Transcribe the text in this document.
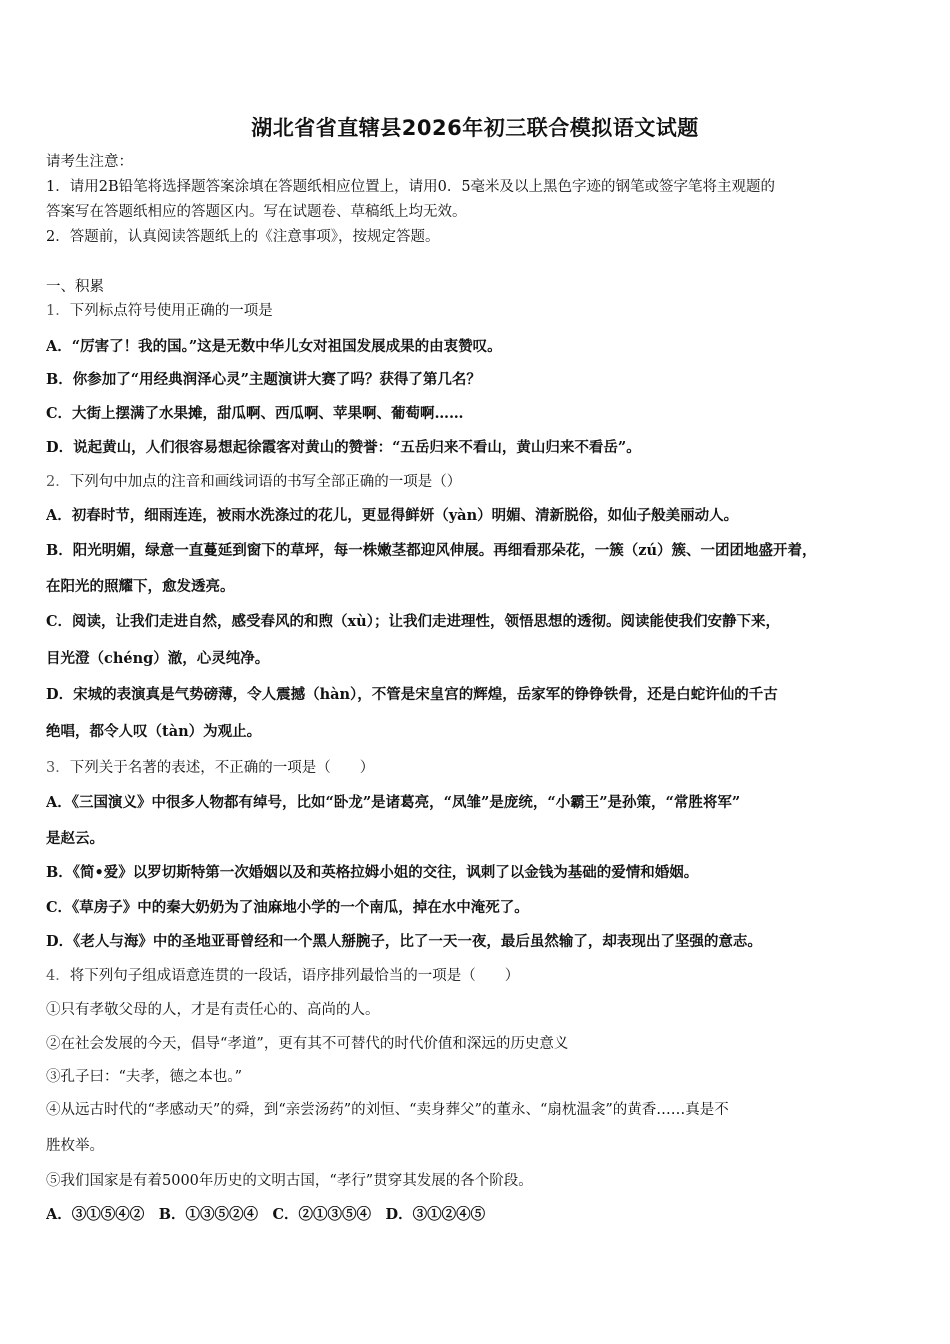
湖北省省直辖县2026年初三联合模拟语文试题
请考生注意：
1．请用2B铅笔将选择题答案涂填在答题纸相应位置上，请用0．5毫米及以上黑色字迹的钢笔或签字笔将主观题的
答案写在答题纸相应的答题区内。写在试题卷、草稿纸上均无效。
2．答题前，认真阅读答题纸上的《注意事项》，按规定答题。
一、积累
1．下列标点符号使用正确的一项是
A．“厉害了！我的国。”这是无数中华儿女对祖国发展成果的由衷赞叹。
B．你参加了“用经典润泽心灵”主题演讲大赛了吗？获得了第几名？
C．大街上摆满了水果摊，甜瓜啊、西瓜啊、苹果啊、葡萄啊……
D．说起黄山，人们很容易想起徐霞客对黄山的赞誉：“五岳归来不看山，黄山归来不看岳”。
2．下列句中加点的注音和画线词语的书写全部正确的一项是（）
A．初春时节，细雨连连，被雨水洗涤过的花儿，更显得鲜妍（yàn）明媚、清新脱俗，如仙子般美丽动人。
B．阳光明媚，绿意一直蔓延到窗下的草坪，每一株嫩茎都迎风伸展。再细看那朵花，一簇（zú）簇、一团团地盛开着，
在阳光的照耀下，愈发透亮。
C．阅读，让我们走进自然，感受春风的和煦（xù）；让我们走进理性，领悟思想的透彻。阅读能使我们安静下来，
目光澄（chéng）澈，心灵纯净。
D．宋城的表演真是气势磅薄，令人震撼（hàn），不管是宋皇宫的辉煌，岳家军的铮铮铁骨，还是白蛇许仙的千古
绝唱，都令人叹（tàn）为观止。
3．下列关于名著的表述，不正确的一项是（　　）
A．《三国演义》中很多人物都有绰号，比如“卧龙”是诸葛亮，“凤雏”是庞统，“小霸王”是孙策，“常胜将军”
是赵云。
B．《简•爱》以罗切斯特第一次婚姻以及和英格拉姆小姐的交往，讽刺了以金钱为基础的爱情和婚姻。
C．《草房子》中的秦大奶奶为了油麻地小学的一个南瓜，掉在水中淹死了。
D．《老人与海》中的圣地亚哥曾经和一个黑人掰腕子，比了一天一夜，最后虽然输了，却表现出了坚强的意志。
4．将下列句子组成语意连贯的一段话，语序排列最恰当的一项是（　　）
①只有孝敬父母的人，才是有责任心的、高尚的人。
②在社会发展的今天，倡导“孝道”，更有其不可替代的时代价值和深远的历史意义
③孔子曰：“夫孝，德之本也。”
④从远古时代的“孝感动天”的舜，到“亲尝汤药”的刘恒、“卖身葬父”的董永、“扇枕温衾”的黄香……真是不
胜枚举。
⑤我们国家是有着5000年历史的文明古国，“孝行”贯穿其发展的各个阶段。
A．③①⑤④②　B．①③⑤②④　C．②①③⑤④　D．③①②④⑤
